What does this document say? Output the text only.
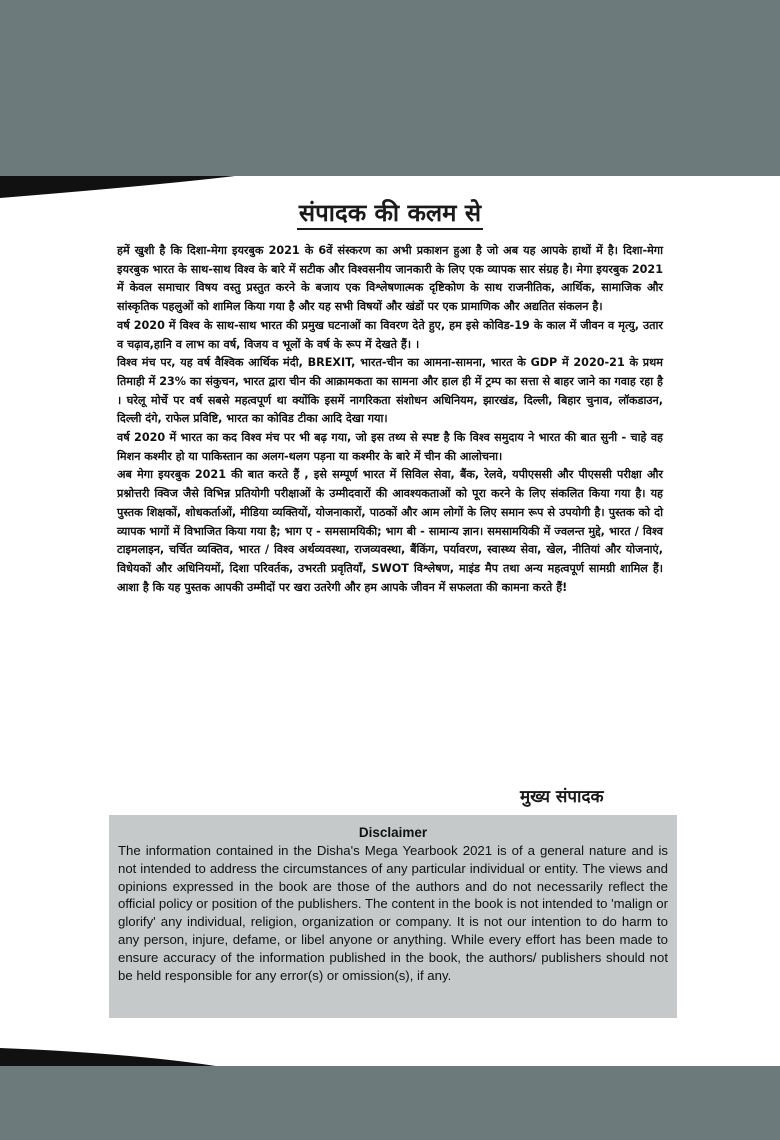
संपादक की कलम से

हमें खुशी है कि दिशा-मेगा इयरबुक 2021 के 6वें संस्करण का अभी प्रकाशन हुआ है जो अब यह आपके हाथों में है। दिशा-मेगा इयरबुक भारत के साथ-साथ विश्व के बारे में सटीक और विश्वसनीय जानकारी के लिए एक व्यापक सार संग्रह है। मेगा इयरबुक 2021 में केवल समाचार विषय वस्तु प्रस्तुत करने के बजाय एक विश्लेषणात्मक दृष्टिकोण के साथ राजनीतिक, आर्थिक, सामाजिक और सांस्कृतिक पहलुओं को शामिल किया गया है और यह सभी विषयों और खंडों पर एक प्रामाणिक और अद्यतित संकलन है।

वर्ष 2020 में विश्व के साथ-साथ भारत की प्रमुख घटनाओं का विवरण देते हुए, हम इसे कोविड-19 के काल में जीवन व मृत्यु, उतार व चढ़ाव,हानि व लाभ का वर्ष, विजय व भूलों के वर्ष के रूप में देखते हैं। ।

विश्व मंच पर, यह वर्ष वैश्विक आर्थिक मंदी, BREXIT, भारत-चीन का आमना-सामना, भारत के GDP में 2020-21 के प्रथम तिमाही में 23% का संकुचन, भारत द्वारा चीन की आक्रामकता का सामना और हाल ही में ट्रम्प का सत्ता से बाहर जाने का गवाह रहा है । घरेलू मोर्चे पर वर्ष सबसे महत्वपूर्ण था क्योंकि इसमें नागरिकता संशोधन अधिनियम, झारखंड, दिल्ली, बिहार चुनाव, लॉकडाउन, दिल्ली दंगे, राफेल प्रविष्टि, भारत का कोविड टीका आदि देखा गया।

वर्ष 2020 में भारत का कद विश्व मंच पर भी बढ़ गया, जो इस तथ्य से स्पष्ट है कि विश्व समुदाय ने भारत की बात सुनी - चाहे वह मिशन कश्मीर हो या पाकिस्तान का अलग-थलग पड़ना या कश्मीर के बारे में चीन की आलोचना।

अब मेगा इयरबुक 2021 की बात करते हैं , इसे सम्पूर्ण भारत में सिविल सेवा, बैंक, रेलवे, यपीएससी और पीएससी परीक्षा और प्रश्नोत्तरी क्विज जैसे विभिन्न प्रतियोगी परीक्षाओं के उम्मीदवारों की आवश्यकताओं को पूरा करने के लिए संकलित किया गया है। यह पुस्तक शिक्षकों, शोधकर्ताओं, मीडिया व्यक्तियों, योजनाकारों, पाठकों और आम लोगों के लिए समान रूप से उपयोगी है। पुस्तक को दो व्यापक भागों में विभाजित किया गया है; भाग ए - समसामयिकी; भाग बी - सामान्य ज्ञान। समसामयिकी में ज्वलन्त मुद्दे, भारत / विश्व टाइमलाइन, चर्चित व्यक्तिव, भारत / विश्व अर्थव्यवस्था, राजव्यवस्था, बैंकिंग, पर्यावरण, स्वास्थ्य सेवा, खेल, नीतियां और योजनाएं, विधेयकों और अधिनियमों, दिशा परिवर्तक, उभरती प्रवृतियाँ, SWOT विश्लेषण, माइंड मैप तथा अन्य महत्वपूर्ण सामग्री शामिल हैं। आशा है कि यह पुस्तक आपकी उम्मीदों पर खरा उतरेगी और हम आपके जीवन में सफलता की कामना करते हैं!

मुख्य संपादक
Disclaimer

The information contained in the Disha's Mega Yearbook 2021 is of a general nature and is not intended to address the circumstances of any particular individual or entity. The views and opinions expressed in the book are those of the authors and do not necessarily reflect the official policy or position of the publishers. The content in the book is not intended to 'malign or glorify' any individual, religion, organization or company. It is not our intention to do harm to any person, injure, defame, or libel anyone or anything. While every effort has been made to ensure accuracy of the information published in the book, the authors/ publishers should not be held responsible for any error(s) or omission(s), if any.
